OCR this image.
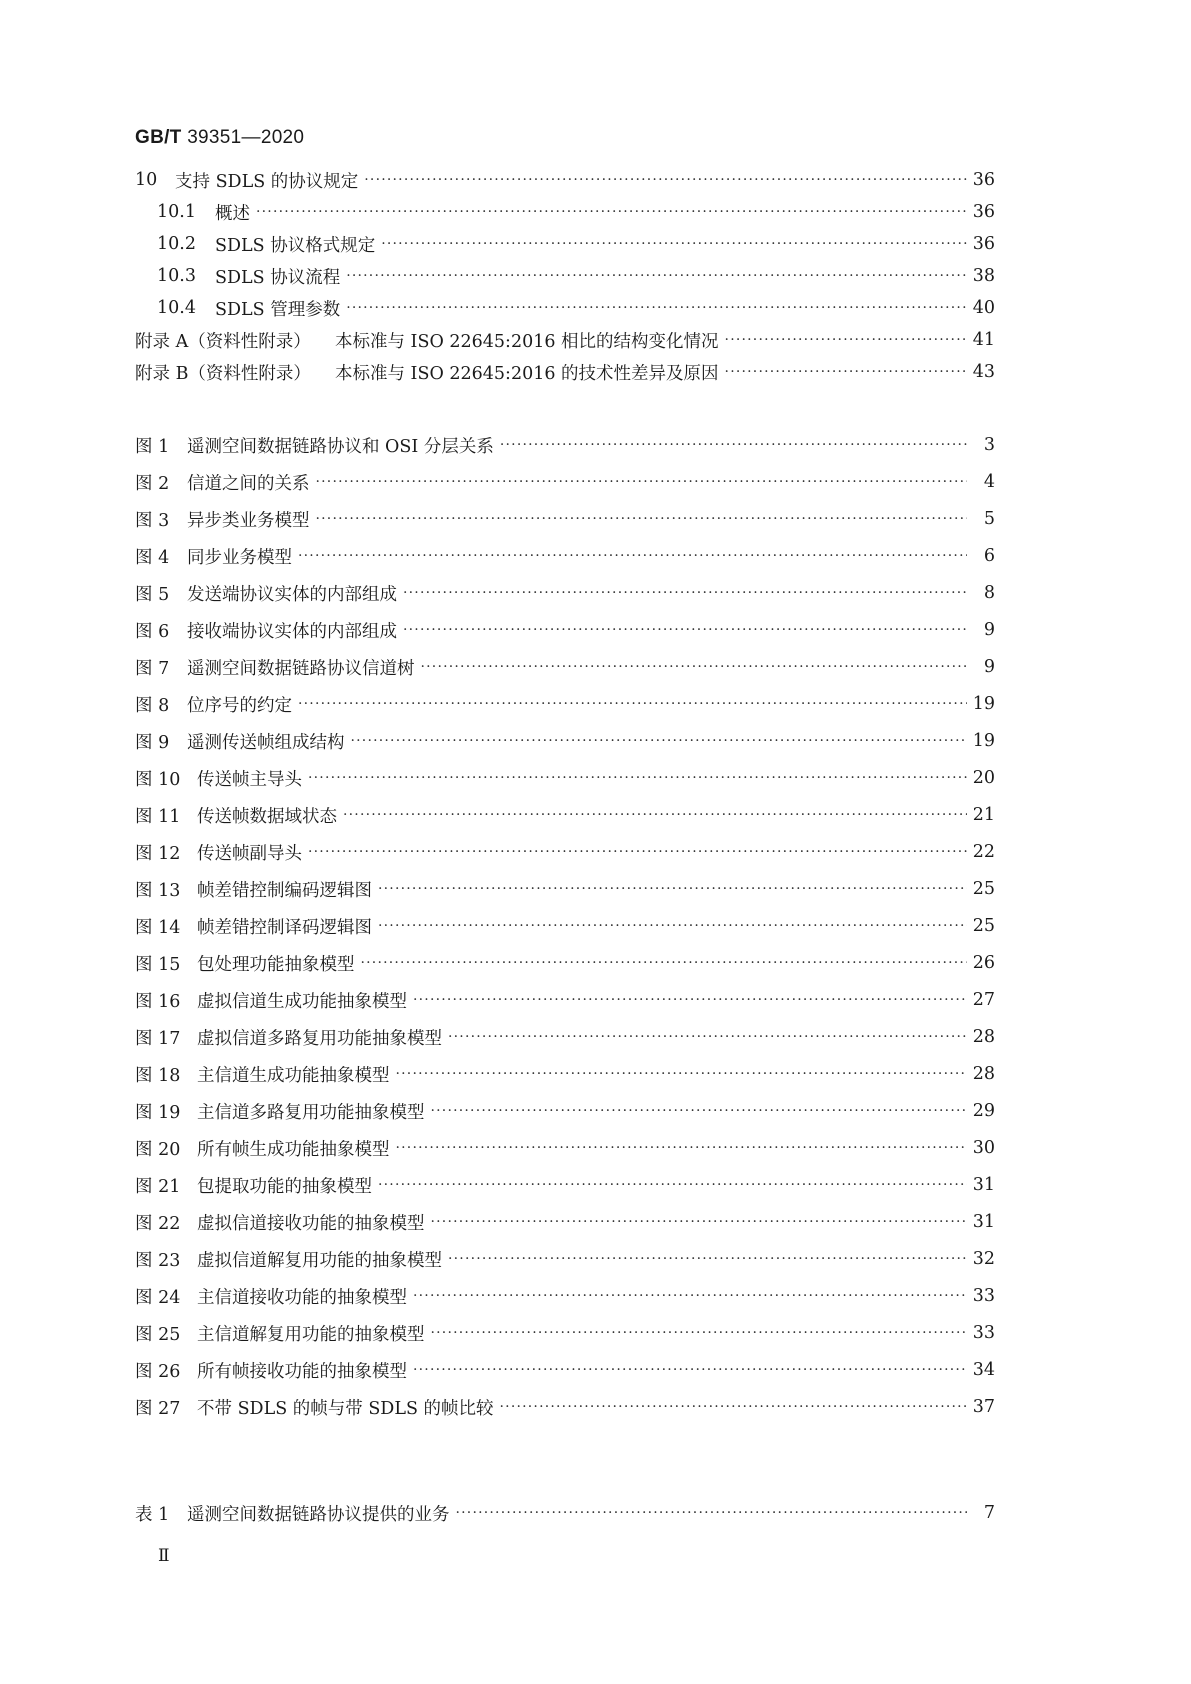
GB/T 39351—2020
10	支持 SDLS 的协议规定 ·····	36
10.1	概述 ·····	36
10.2	SDLS 协议格式规定 ·····	36
10.3	SDLS 协议流程 ·····	38
10.4	SDLS 管理参数 ·····	40
附录 A（资料性附录）	本标准与 ISO 22645:2016 相比的结构变化情况 ·····	41
附录 B（资料性附录）	本标准与 ISO 22645:2016 的技术性差异及原因 ·····	43
图 1	遥测空间数据链路协议和 OSI 分层关系 ·····	3
图 2	信道之间的关系 ·····	4
图 3	异步类业务模型 ·····	5
图 4	同步业务模型 ·····	6
图 5	发送端协议实体的内部组成 ·····	8
图 6	接收端协议实体的内部组成 ·····	9
图 7	遥测空间数据链路协议信道树 ·····	9
图 8	位序号的约定 ·····	19
图 9	遥测传送帧组成结构 ·····	19
图 10 传送帧主导头 ·····	20
图 11 传送帧数据域状态 ·····	21
图 12 传送帧副导头 ·····	22
图 13 帧差错控制编码逻辑图 ·····	25
图 14 帧差错控制译码逻辑图 ·····	25
图 15 包处理功能抽象模型 ·····	26
图 16 虚拟信道生成功能抽象模型 ·····	27
图 17 虚拟信道多路复用功能抽象模型 ·····	28
图 18 主信道生成功能抽象模型 ·····	28
图 19 主信道多路复用功能抽象模型 ·····	29
图 20 所有帧生成功能抽象模型 ·····	30
图 21 包提取功能的抽象模型 ·····	31
图 22 虚拟信道接收功能的抽象模型 ·····	31
图 23 虚拟信道解复用功能的抽象模型 ·····	32
图 24 主信道接收功能的抽象模型 ·····	33
图 25 主信道解复用功能的抽象模型 ·····	33
图 26 所有帧接收功能的抽象模型 ·····	34
图 27 不带 SDLS 的帧与带 SDLS 的帧比较 ·····	37
表 1	遥测空间数据链路协议提供的业务 ·····	7
Ⅱ
